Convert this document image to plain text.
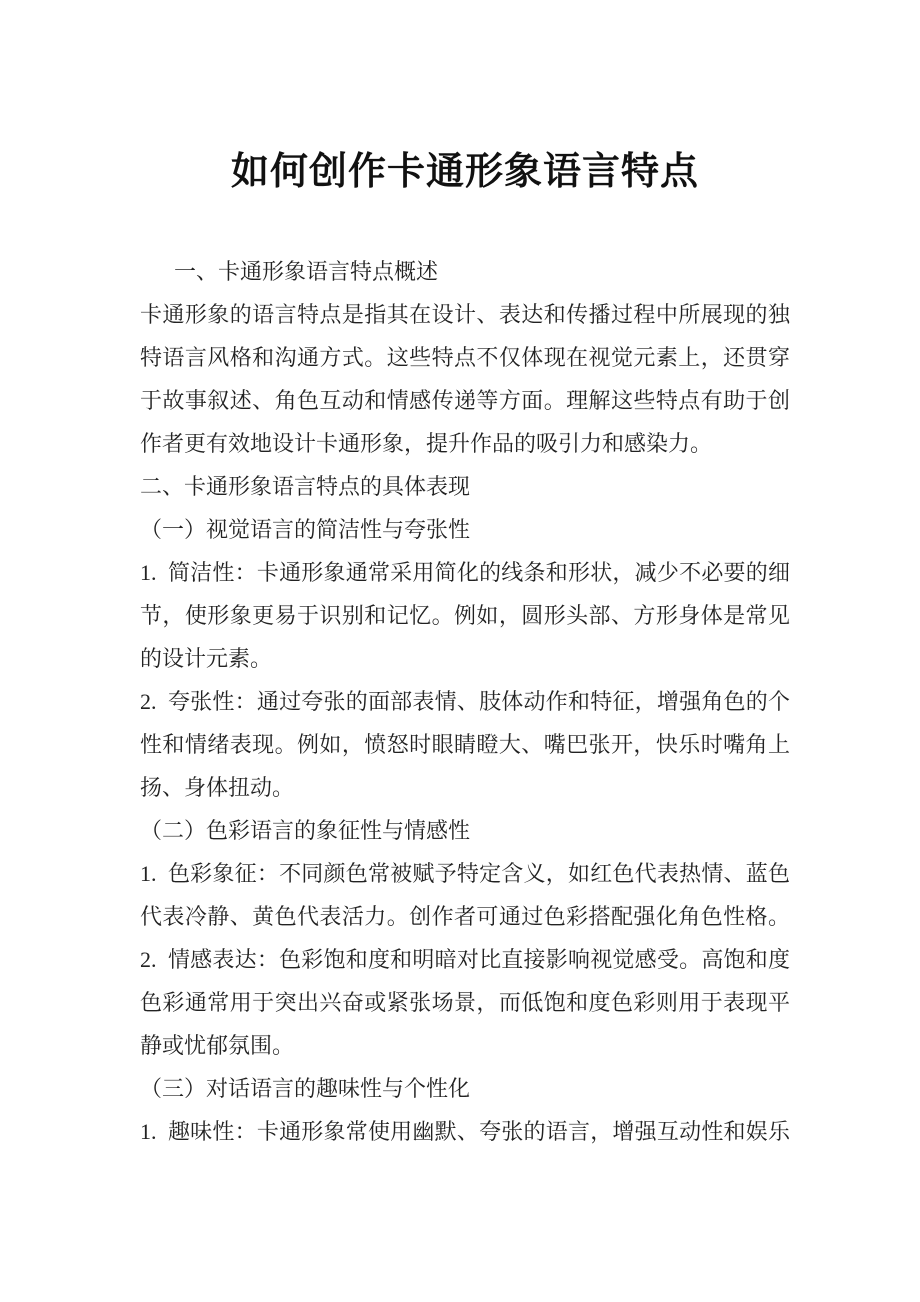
如何创作卡通形象语言特点
一、卡通形象语言特点概述
卡通形象的语言特点是指其在设计、表达和传播过程中所展现的独
特语言风格和沟通方式。这些特点不仅体现在视觉元素上，还贯穿
于故事叙述、角色互动和情感传递等方面。理解这些特点有助于创
作者更有效地设计卡通形象，提升作品的吸引力和感染力。
二、卡通形象语言特点的具体表现
（一）视觉语言的简洁性与夸张性
1.  简洁性：卡通形象通常采用简化的线条和形状，减少不必要的细
节，使形象更易于识别和记忆。例如，圆形头部、方形身体是常见
的设计元素。
2.  夸张性：通过夸张的面部表情、肢体动作和特征，增强角色的个
性和情绪表现。例如，愤怒时眼睛瞪大、嘴巴张开，快乐时嘴角上
扬、身体扭动。
（二）色彩语言的象征性与情感性
1.  色彩象征：不同颜色常被赋予特定含义，如红色代表热情、蓝色
代表冷静、黄色代表活力。创作者可通过色彩搭配强化角色性格。
2.  情感表达：色彩饱和度和明暗对比直接影响视觉感受。高饱和度
色彩通常用于突出兴奋或紧张场景，而低饱和度色彩则用于表现平
静或忧郁氛围。
（三）对话语言的趣味性与个性化
1.  趣味性：卡通形象常使用幽默、夸张的语言，增强互动性和娱乐
